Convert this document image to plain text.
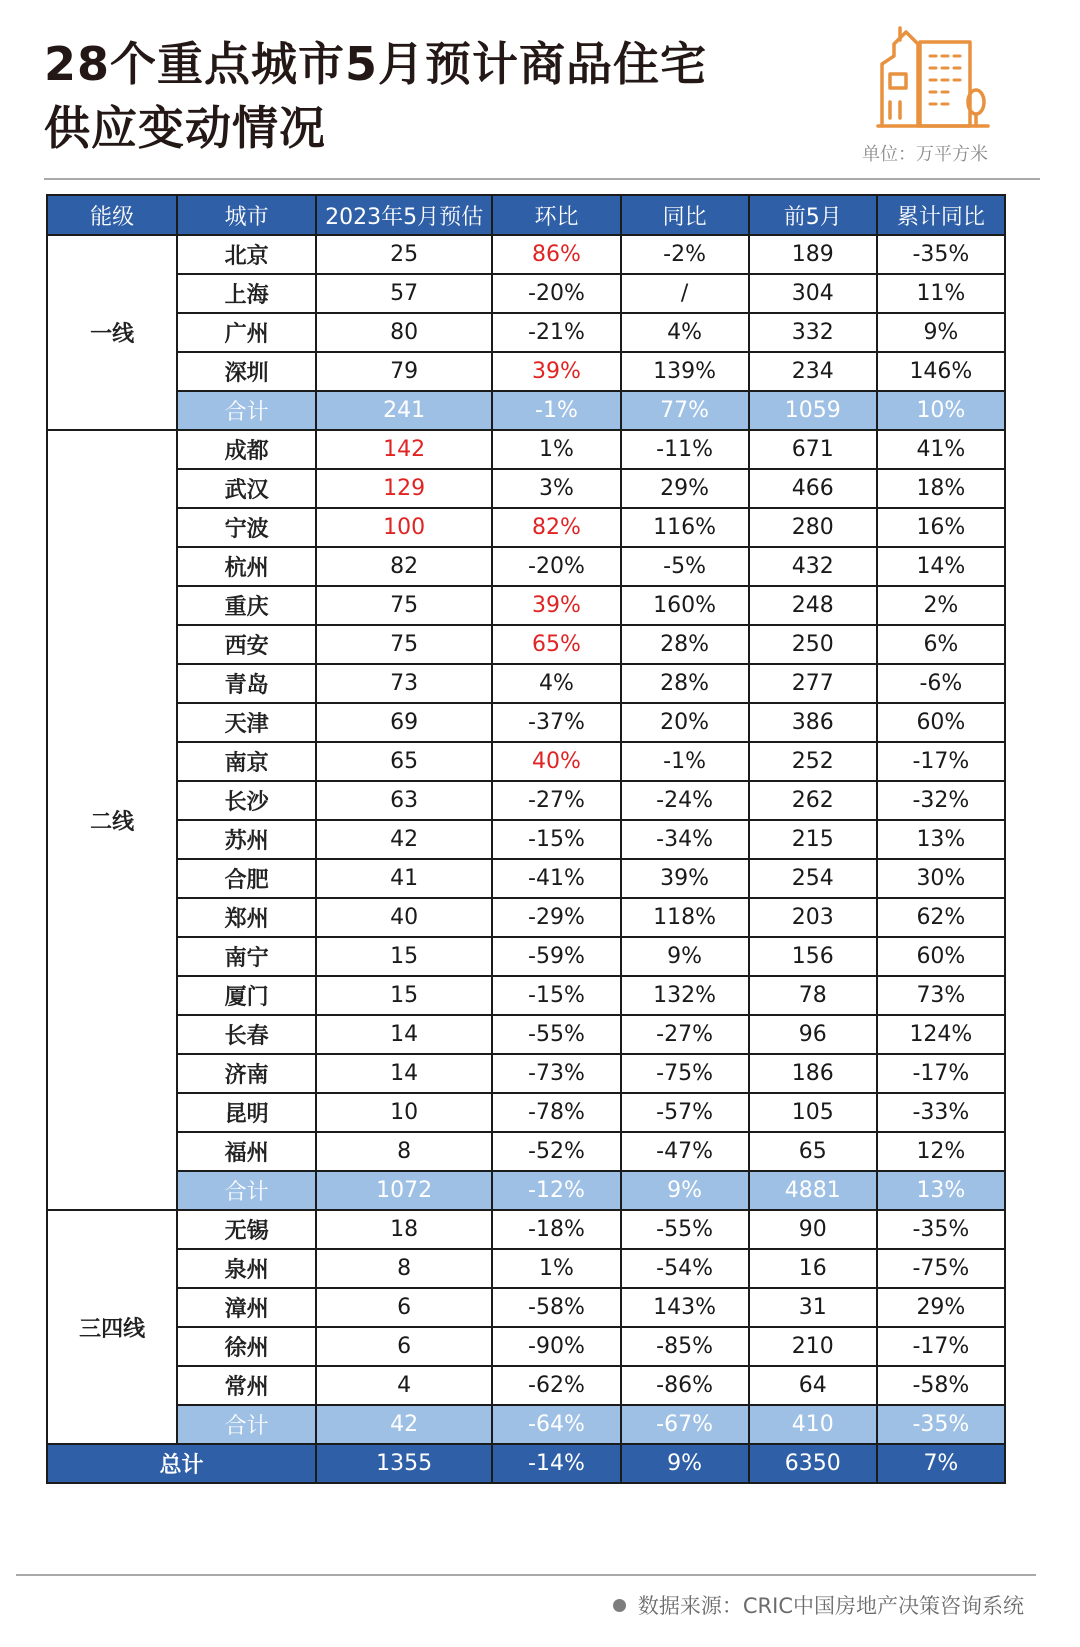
28个重点城市5月预计商品住宅
供应变动情况	单位：万平方米
能级	城市	2023年5月预估	环比	同比	前5月	累计同比
一线	北京	25	86%	-2%	189	-35%
	上海	57	-20%	/	304	11%
	广州	80	-21%	4%	332	9%
	深圳	79	39%	139%	234	146%
	合计	241	-1%	77%	1059	10%
二线	成都	142	1%	-11%	671	41%
	武汉	129	3%	29%	466	18%
	宁波	100	82%	116%	280	16%
	杭州	82	-20%	-5%	432	14%
	重庆	75	39%	160%	248	2%
	西安	75	65%	28%	250	6%
	青岛	73	4%	28%	277	-6%
	天津	69	-37%	20%	386	60%
	南京	65	40%	-1%	252	-17%
	长沙	63	-27%	-24%	262	-32%
	苏州	42	-15%	-34%	215	13%
	合肥	41	-41%	39%	254	30%
	郑州	40	-29%	118%	203	62%
	南宁	15	-59%	9%	156	60%
	厦门	15	-15%	132%	78	73%
	长春	14	-55%	-27%	96	124%
	济南	14	-73%	-75%	186	-17%
	昆明	10	-78%	-57%	105	-33%
	福州	8	-52%	-47%	65	12%
	合计	1072	-12%	9%	4881	13%
三四线	无锡	18	-18%	-55%	90	-35%
	泉州	8	1%	-54%	16	-75%
	漳州	6	-58%	143%	31	29%
	徐州	6	-90%	-85%	210	-17%
	常州	4	-62%	-86%	64	-58%
	合计	42	-64%	-67%	410	-35%
总计		1355	-14%	9%	6350	7%
数据来源：CRIC中国房地产决策咨询系统
